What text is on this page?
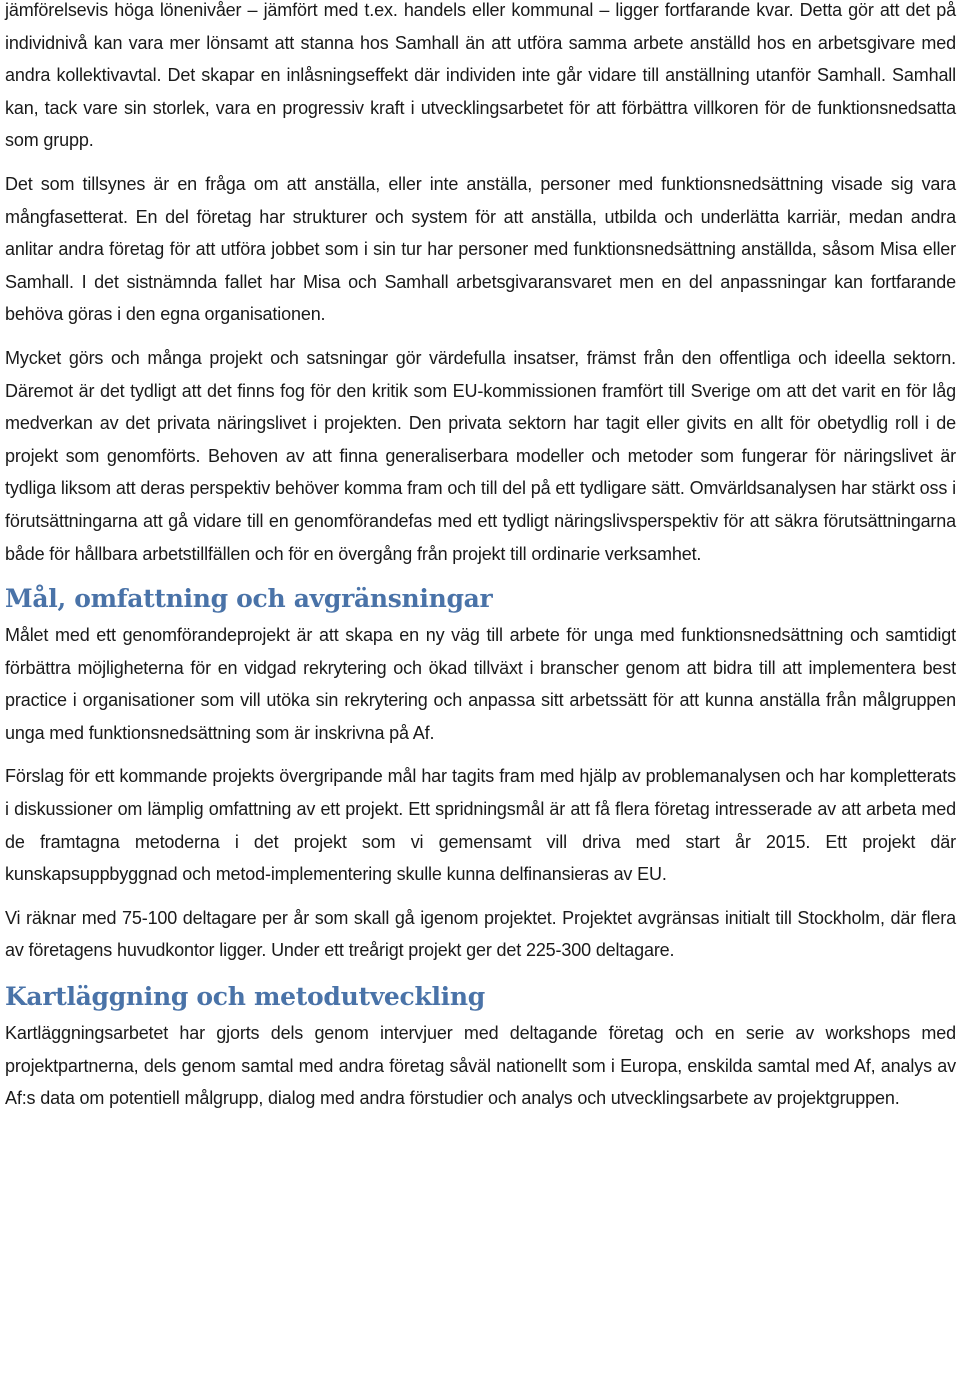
jämförelsevis höga lönenivåer – jämfört med t.ex. handels eller kommunal – ligger fortfarande kvar. Detta gör att det på individnivå kan vara mer lönsamt att stanna hos Samhall än att utföra samma arbete anställd hos en arbetsgivare med andra kollektivavtal. Det skapar en inlåsningseffekt där individen inte går vidare till anställning utanför Samhall. Samhall kan, tack vare sin storlek, vara en progressiv kraft i utvecklingsarbetet för att förbättra villkoren för de funktionsnedsatta som grupp.

Det som tillsynes är en fråga om att anställa, eller inte anställa, personer med funktionsnedsättning visade sig vara mångfasetterat. En del företag har strukturer och system för att anställa, utbilda och underlätta karriär, medan andra anlitar andra företag för att utföra jobbet som i sin tur har personer med funktionsnedsättning anställda, såsom Misa eller Samhall. I det sistnämnda fallet har Misa och Samhall arbetsgivaransvaret men en del anpassningar kan fortfarande behöva göras i den egna organisationen.

Mycket görs och många projekt och satsningar gör värdefulla insatser, främst från den offentliga och ideella sektorn. Däremot är det tydligt att det finns fog för den kritik som EU-kommissionen framfört till Sverige om att det varit en för låg medverkan av det privata näringslivet i projekten. Den privata sektorn har tagit eller givits en allt för obetydlig roll i de projekt som genomförts. Behoven av att finna generaliserbara modeller och metoder som fungerar för näringslivet är tydliga liksom att deras perspektiv behöver komma fram och till del på ett tydligare sätt. Omvärldsanalysen har stärkt oss i förutsättningarna att gå vidare till en genomförandefas med ett tydligt näringslivsperspektiv för att säkra förutsättningarna både för hållbara arbetstillfällen och för en övergång från projekt till ordinarie verksamhet.

Mål, omfattning och avgränsningar

Målet med ett genomförandeprojekt är att skapa en ny väg till arbete för unga med funktionsnedsättning och samtidigt förbättra möjligheterna för en vidgad rekrytering och ökad tillväxt i branscher genom att bidra till att implementera best practice i organisationer som vill utöka sin rekrytering och anpassa sitt arbetssätt för att kunna anställa från målgruppen unga med funktionsnedsättning som är inskrivna på Af.

Förslag för ett kommande projekts övergripande mål har tagits fram med hjälp av problemanalysen och har kompletterats i diskussioner om lämplig omfattning av ett projekt. Ett spridningsmål är att få flera företag intresserade av att arbeta med de framtagna metoderna i det projekt som vi gemensamt vill driva med start år 2015. Ett projekt där kunskapsuppbyggnad och metod-implementering skulle kunna delfinansieras av EU.

Vi räknar med 75-100 deltagare per år som skall gå igenom projektet. Projektet avgränsas initialt till Stockholm, där flera av företagens huvudkontor ligger. Under ett treårigt projekt ger det 225-300 deltagare.

Kartläggning och metodutveckling

Kartläggningsarbetet har gjorts dels genom intervjuer med deltagande företag och en serie av workshops med projektpartnerna, dels genom samtal med andra företag såväl nationellt som i Europa, enskilda samtal med Af, analys av Af:s data om potentiell målgrupp, dialog med andra förstudier och analys och utvecklingsarbete av projektgruppen.
